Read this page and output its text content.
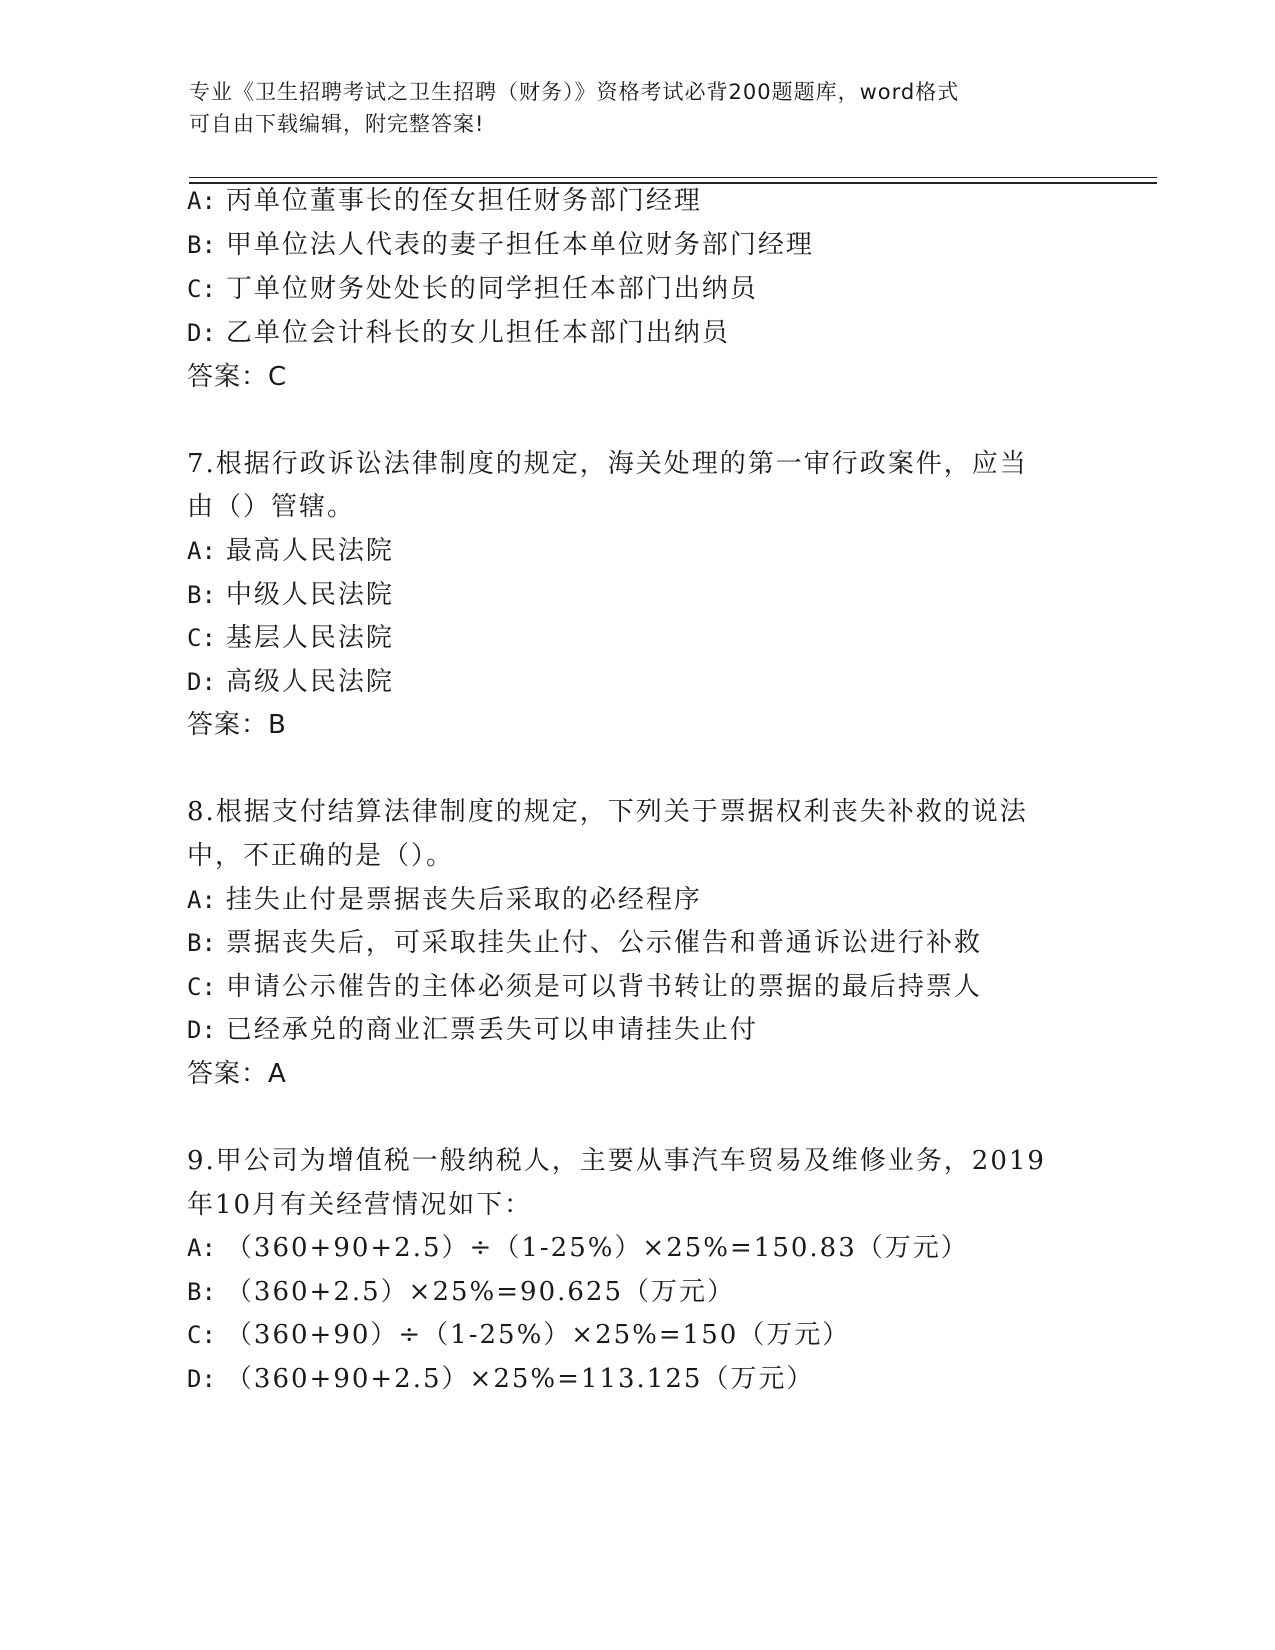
专业《卫生招聘考试之卫生招聘（财务）》资格考试必背200题题库，word格式
可自由下载编辑，附完整答案!
A: 丙单位董事长的侄女担任财务部门经理
B: 甲单位法人代表的妻子担任本单位财务部门经理
C: 丁单位财务处处长的同学担任本部门出纳员
D: 乙单位会计科长的女儿担任本部门出纳员
答案：C
7.根据行政诉讼法律制度的规定，海关处理的第一审行政案件，应当
由（）管辖。
A: 最高人民法院
B: 中级人民法院
C: 基层人民法院
D: 高级人民法院
答案：B
8.根据支付结算法律制度的规定，下列关于票据权利丧失补救的说法
中，不正确的是（）。
A: 挂失止付是票据丧失后采取的必经程序
B: 票据丧失后，可采取挂失止付、公示催告和普通诉讼进行补救
C: 申请公示催告的主体必须是可以背书转让的票据的最后持票人
D: 已经承兑的商业汇票丢失可以申请挂失止付
答案：A
9.甲公司为增值税一般纳税人，主要从事汽车贸易及维修业务，2019
年10月有关经营情况如下：
A: （360+90+2.5）÷（1-25%）×25%=150.83（万元）
B: （360+2.5）×25%=90.625（万元）
C: （360+90）÷（1-25%）×25%=150（万元）
D: （360+90+2.5）×25%=113.125（万元）
